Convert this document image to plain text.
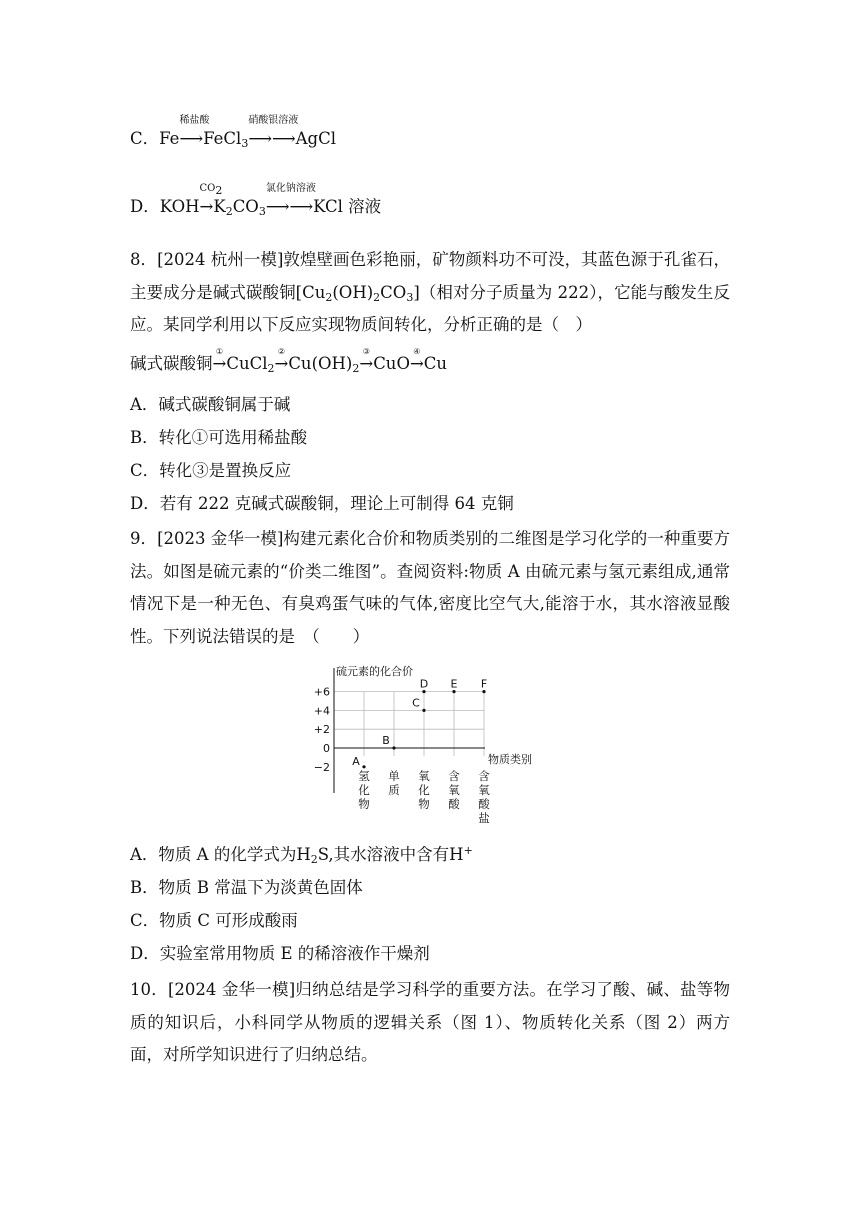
C．Fe
稀盐酸
⟶FeCl$_3$
硝酸银溶液
⟶⟶AgCl
D．KOH
$CO_2$
$\to K_2CO_3$
氯化钠溶液
⟶⟶KCl 溶液
8．[2024 杭州一模]敦煌壁画色彩艳丽，矿物颜料功不可没，其蓝色源于孔雀石，主要成分是碱式碳酸铜$[Cu_2(OH)_2CO_3]$（相对分子质量为 222），它能与酸发生反应。某同学利用以下反应实现物质间转化，分析正确的是（　）
碱式碳酸铜
①
→CuCl$_2$
②
$\to Cu(OH)_2$
③
→CuO
④
→Cu
A．碱式碳酸铜属于碱
B．转化①可选用稀盐酸
C．转化③是置换反应
D．若有 222 克碱式碳酸铜，理论上可制得 64 克铜
9．[2023 金华一模]构建元素化合价和物质类别的二维图是学习化学的一种重要方法。如图是硫元素的“价类二维图”。查阅资料:物质 A 由硫元素与氢元素组成,通常情况下是一种无色、有臭鸡蛋气味的气体,密度比空气大,能溶于水，其水溶液显酸性。下列说法错误的是　（　　）
硫元素的化合价
物质类别
+6
+4
+2
0
−2
氢化物
单质
氧化物
含氧酸
含氧酸盐
A
B
C
D E F
A．物质 A 的化学式为$H_2S$,其水溶液中含有H+
B．物质 B 常温下为淡黄色固体
C．物质 C 可形成酸雨
D．实验室常用物质 E 的稀溶液作干燥剂
10．[2024 金华一模]归纳总结是学习科学的重要方法。在学习了酸、碱、盐等物质的知识后，小科同学从物质的逻辑关系（图 1）、物质转化关系（图 2）两方面，对所学知识进行了归纳总结。
